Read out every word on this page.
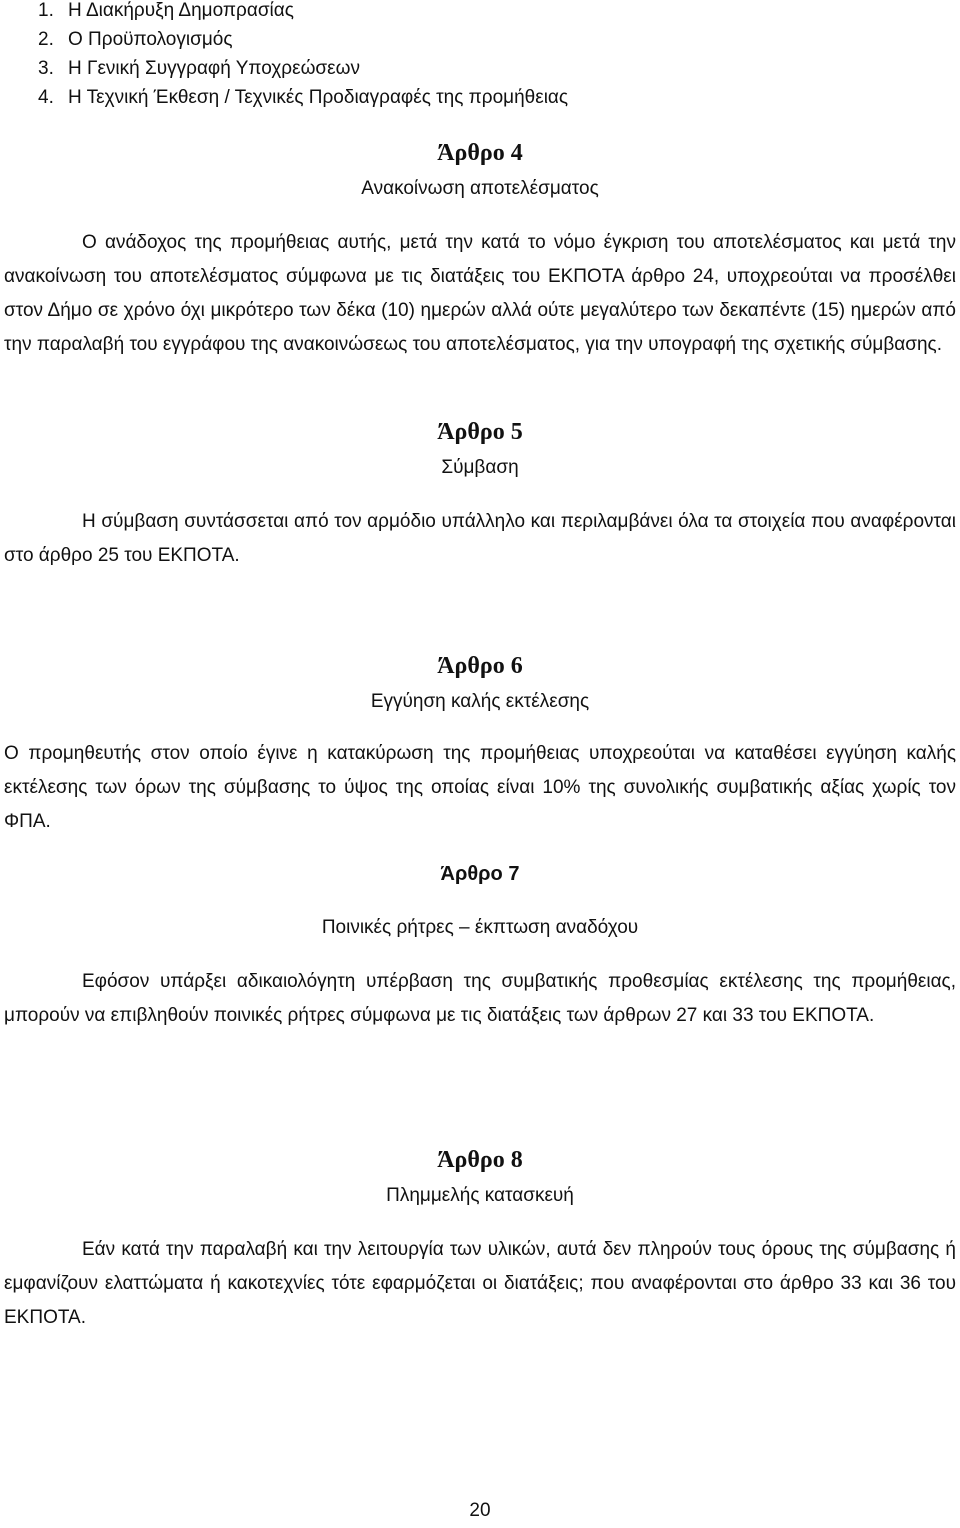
1. Η Διακήρυξη Δημοπρασίας
2. Ο Προϋπολογισμός
3. Η Γενική Συγγραφή Υποχρεώσεων
4. Η Τεχνική Έκθεση / Τεχνικές Προδιαγραφές της προμήθειας
Άρθρο 4
Ανακοίνωση αποτελέσματος

Ο ανάδοχος της προμήθειας αυτής, μετά την κατά το νόμο έγκριση του αποτελέσματος και μετά την ανακοίνωση του αποτελέσματος σύμφωνα με τις διατάξεις του ΕΚΠΟΤΑ άρθρο 24, υποχρεούται να προσέλθει στον Δήμο σε χρόνο όχι μικρότερο των δέκα (10) ημερών αλλά ούτε μεγαλύτερο των δεκαπέντε (15) ημερών από την παραλαβή του εγγράφου της ανακοινώσεως του αποτελέσματος, για την υπογραφή της σχετικής σύμβασης.

Άρθρο 5
Σύμβαση

Η σύμβαση συντάσσεται από τον αρμόδιο υπάλληλο και περιλαμβάνει όλα τα στοιχεία που αναφέρονται στο άρθρο 25 του ΕΚΠΟΤΑ.

Άρθρο 6
Εγγύηση καλής εκτέλεσης

Ο προμηθευτής στον οποίο έγινε η κατακύρωση της προμήθειας υποχρεούται να καταθέσει εγγύηση καλής εκτέλεσης των όρων της σύμβασης το ύψος της οποίας είναι 10% της συνολικής συμβατικής αξίας χωρίς τον ΦΠΑ.

Άρθρο 7
Ποινικές ρήτρες – έκπτωση αναδόχου

Εφόσον υπάρξει αδικαιολόγητη υπέρβαση της συμβατικής προθεσμίας εκτέλεσης της προμήθειας, μπορούν να επιβληθούν ποινικές ρήτρες σύμφωνα με τις διατάξεις των άρθρων 27 και 33 του ΕΚΠΟΤΑ.

Άρθρο 8
Πλημμελής κατασκευή

Εάν κατά την παραλαβή και την λειτουργία των υλικών, αυτά δεν πληρούν τους όρους της σύμβασης ή εμφανίζουν ελαττώματα ή κακοτεχνίες τότε εφαρμόζεται οι διατάξεις; που αναφέρονται στο άρθρο 33 και 36 του ΕΚΠΟΤΑ.

20
